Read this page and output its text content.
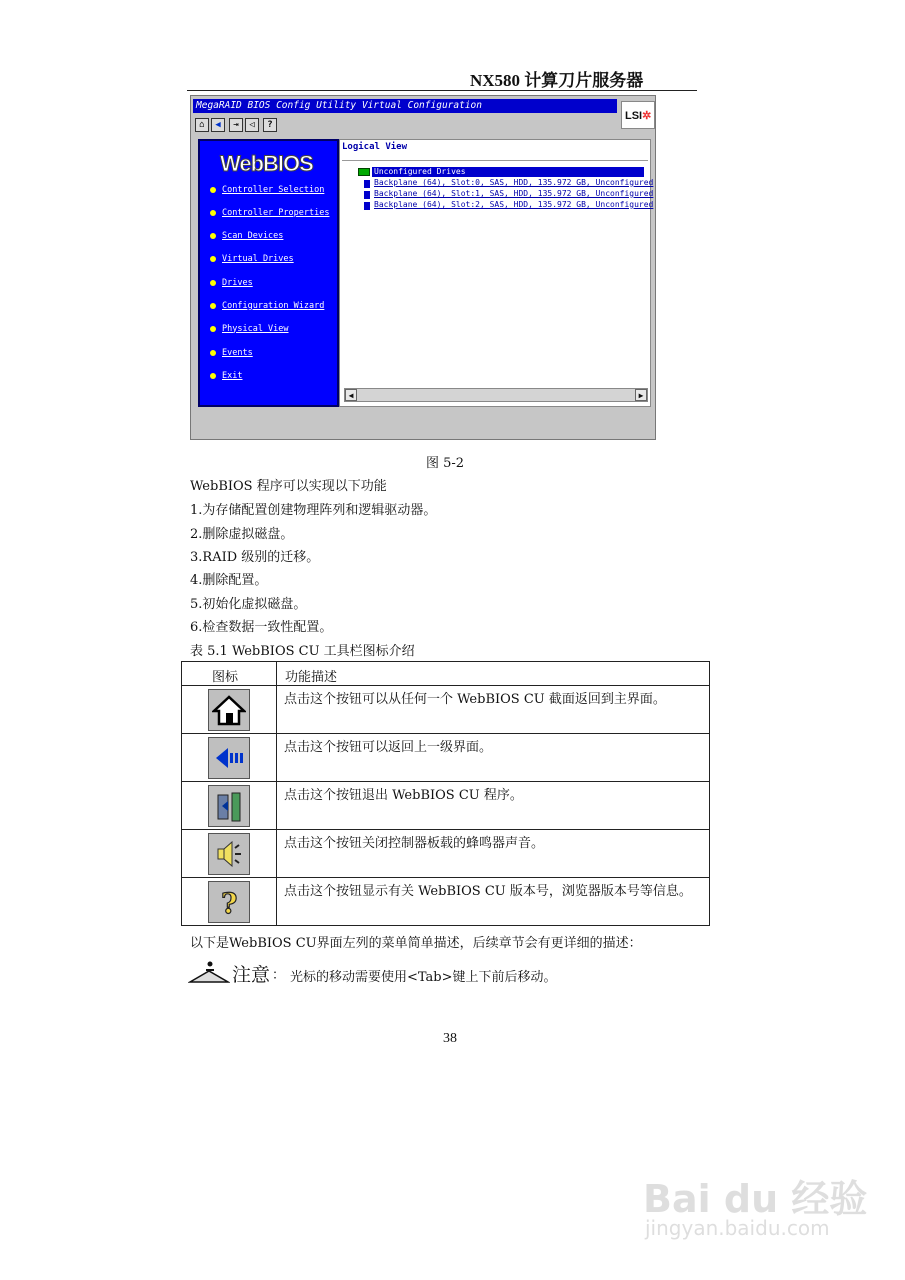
NX580 计算刀片服务器
MegaRAID BIOS Config Utility Virtual Configuration
LSI✲
⌂	◀	⇥	◁	?
WebBIOS
Controller Selection
Controller Properties
Scan Devices
Virtual Drives
Drives
Configuration Wizard
Physical View
Events
Exit
Logical View
Unconfigured Drives
Backplane (64), Slot:0, SAS, HDD, 135.972 GB, Unconfigured
Backplane (64), Slot:1, SAS, HDD, 135.972 GB, Unconfigured
Backplane (64), Slot:2, SAS, HDD, 135.972 GB, Unconfigured
◀	▶
图 5-2
WebBIOS 程序可以实现以下功能
1.为存储配置创建物理阵列和逻辑驱动器。
2.删除虚拟磁盘。
3.RAID 级别的迁移。
4.删除配置。
5.初始化虚拟磁盘。
6.检查数据一致性配置。
表 5.1 WebBIOS CU 工具栏图标介绍
图标	功能描述
点击这个按钮可以从任何一个 WebBIOS CU 截面返回到主界面。
点击这个按钮可以返回上一级界面。
点击这个按钮退出 WebBIOS CU 程序。
点击这个按钮关闭控制器板载的蜂鸣器声音。
?	点击这个按钮显示有关 WebBIOS CU 版本号，浏览器版本号等信息。
以下是WebBIOS CU界面左列的菜单简单描述，后续章节会有更详细的描述：
注意 ： 光标的移动需要使用<Tab>键上下前后移动。
38
Bai du 经验
jingyan.baidu.com
